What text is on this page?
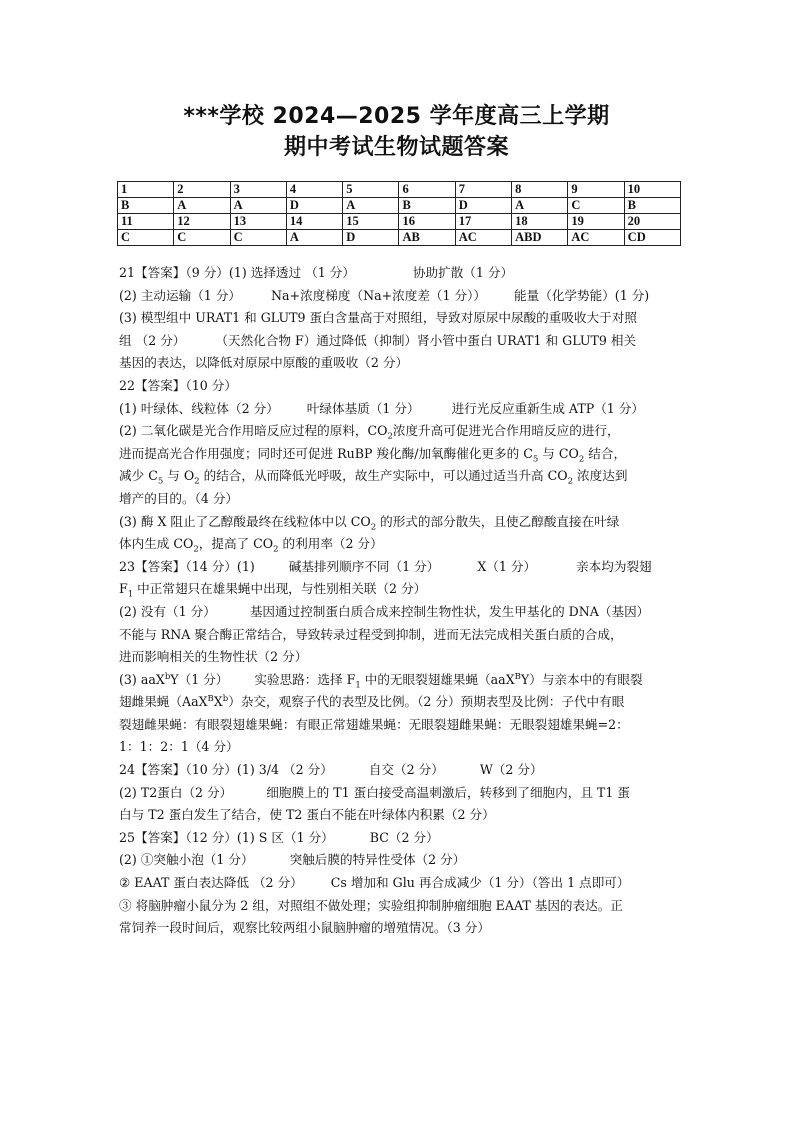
***学校 2024—2025 学年度高三上学期
期中考试生物试题答案
1	2	3	4	5	6	7	8	9	10
B	A	A	D	A	B	D	A	C	B
11	12	13	14	15	16	17	18	19	20
C	C	C	A	D	AB	AC	ABD	AC	CD
21【答案】（9 分）(1) 选择透过 （1 分）	协助扩散（1 分）
(2) 主动运输（1 分） Na+浓度梯度（Na+浓度差（1 分）） 能量（化学势能）(1 分)
(3) 模型组中 URAT1 和 GLUT9 蛋白含量高于对照组，导致对原尿中尿酸的重吸收大于对照
组 （2 分） （天然化合物 F）通过降低（抑制）肾小管中蛋白 URAT1 和 GLUT9 相关
基因的表达，以降低对原尿中原酸的重吸收（2 分）
22【答案】（10 分）
(1) 叶绿体、线粒体（2 分） 叶绿体基质（1 分）	进行光反应重新生成 ATP（1 分）
(2) 二氧化碳是光合作用暗反应过程的原料，$CO_2$浓度升高可促进光合作用暗反应的进行，
进而提高光合作用强度；同时还可促进 RuBP 羧化酶/加氧酶催化更多的 $C_5$ 与 $CO_2$ 结合，
减少 $C_5$ 与 $O_2$ 的结合，从而降低光呼吸，故生产实际中，可以通过适当升高 $CO_2$ 浓度达到
增产的目的。（4 分）
(3) 酶 X 阻止了乙醇酸最终在线粒体中以 $CO_2$ 的形式的部分散失，且使乙醇酸直接在叶绿
体内生成 $CO_2$，提高了 $CO_2$ 的利用率（2 分）
23【答案】（14 分）(1)	碱基排列顺序不同（1 分）	X（1 分）	亲本均为裂翅
$F_1$ 中正常翅只在雄果蝇中出现，与性别相关联（2 分）
(2) 没有（1 分）	基因通过控制蛋白质合成来控制生物性状，发生甲基化的 DNA（基因）
不能与 RNA 聚合酶正常结合，导致转录过程受到抑制，进而无法完成相关蛋白质的合成，
进而影响相关的生物性状（2 分）
(3) aaX$^b$Y（1 分） 实验思路：选择 $F_1$ 中的无眼裂翅雄果蝇（aaX$^B$Y）与亲本中的有眼裂
翅雌果蝇$(AaX^BX^b)$杂交，观察子代的表型及比例。（2 分）预期表型及比例：子代中有眼
裂翅雌果蝇：有眼裂翅雄果蝇：有眼正常翅雄果蝇：无眼裂翅雌果蝇：无眼裂翅雄果蝇=2：
1：1：2：1（4 分）
24【答案】（10 分）(1) 3/4 （2 分）	自交（2 分）	W（2 分）
(2) T2蛋白（2 分）	细胞膜上的 T1 蛋白接受高温刺激后，转移到了细胞内，且 T1 蛋
白与 T2 蛋白发生了结合，使 T2 蛋白不能在叶绿体内积累（2 分）
25【答案】（12 分）(1) S 区（1 分）	BC（2 分）
(2) ①突触小泡（1 分）	突触后膜的特异性受体（2 分）
② EAAT 蛋白表达降低 （2 分） Cs 增加和 Glu 再合成减少（1 分）（答出 1 点即可）
③ 将脑肿瘤小鼠分为 2 组，对照组不做处理；实验组抑制肿瘤细胞 EAAT 基因的表达。正
常饲养一段时间后，观察比较两组小鼠脑肿瘤的增殖情况。（3 分）
